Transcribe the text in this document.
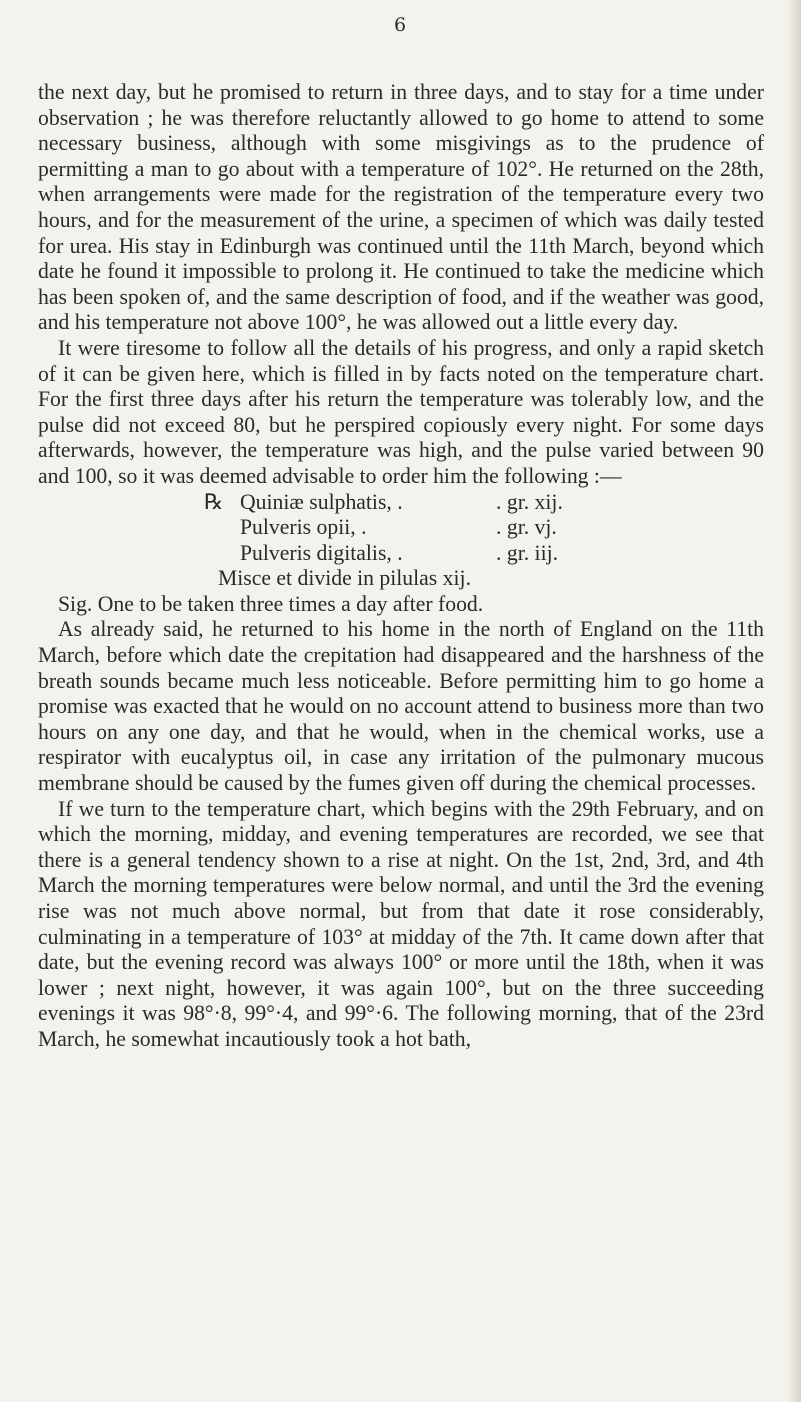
6

the next day, but he promised to return in three days, and to stay for a time under observation ; he was therefore reluctantly allowed to go home to attend to some necessary business, although with some misgivings as to the prudence of permitting a man to go about with a temperature of 102°. He returned on the 28th, when arrangements were made for the registration of the temperature every two hours, and for the measurement of the urine, a specimen of which was daily tested for urea. His stay in Edinburgh was continued until the 11th March, beyond which date he found it impossible to prolong it. He continued to take the medicine which has been spoken of, and the same description of food, and if the weather was good, and his temperature not above 100°, he was allowed out a little every day.

It were tiresome to follow all the details of his progress, and only a rapid sketch of it can be given here, which is filled in by facts noted on the temperature chart. For the first three days after his return the temperature was tolerably low, and the pulse did not exceed 80, but he perspired copiously every night. For some days afterwards, however, the temperature was high, and the pulse varied between 90 and 100, so it was deemed advisable to order him the following :—

℞ Quiniæ sulphatis, .	. gr. xij.
Pulveris opii, .	. gr. vj.
Pulveris digitalis, .	. gr. iij.
Misce et divide in pilulas xij.

Sig. One to be taken three times a day after food.

As already said, he returned to his home in the north of England on the 11th March, before which date the crepitation had disappeared and the harshness of the breath sounds became much less noticeable. Before permitting him to go home a promise was exacted that he would on no account attend to business more than two hours on any one day, and that he would, when in the chemical works, use a respirator with eucalyptus oil, in case any irritation of the pulmonary mucous membrane should be caused by the fumes given off during the chemical processes.

If we turn to the temperature chart, which begins with the 29th February, and on which the morning, midday, and evening temperatures are recorded, we see that there is a general tendency shown to a rise at night. On the 1st, 2nd, 3rd, and 4th March the morning temperatures were below normal, and until the 3rd the evening rise was not much above normal, but from that date it rose considerably, culminating in a temperature of 103° at midday of the 7th. It came down after that date, but the evening record was always 100° or more until the 18th, when it was lower ; next night, however, it was again 100°, but on the three succeeding evenings it was 98°·8, 99°·4, and 99°·6. The following morning, that of the 23rd March, he somewhat incautiously took a hot bath,
